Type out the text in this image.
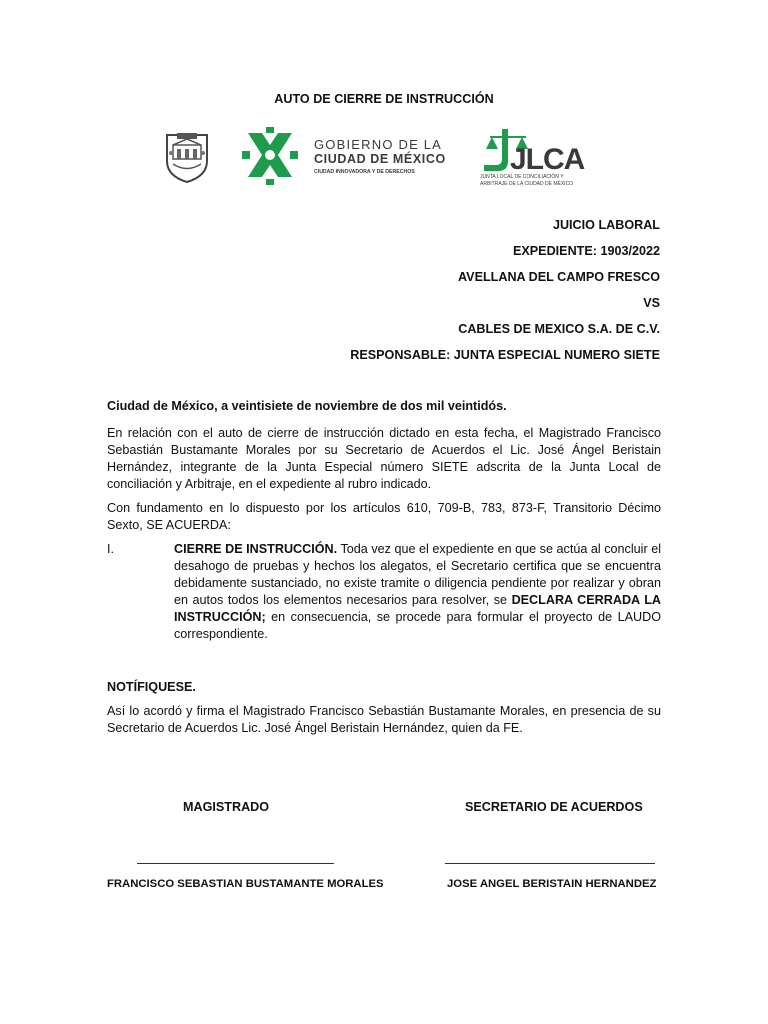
AUTO DE CIERRE DE INSTRUCCIÓN
GOBIERNO DE LA
CIUDAD DE MÉXICO
CIUDAD INNOVADORA Y DE DERECHOS	JLCA
JUNTA LOCAL DE CONCILIACIÓN Y
ARBITRAJE DE LA CIUDAD DE MÉXICO
JUICIO LABORAL
EXPEDIENTE: 1903/2022
AVELLANA DEL CAMPO FRESCO
VS
CABLES DE MEXICO S.A. DE C.V.
RESPONSABLE: JUNTA ESPECIAL NUMERO SIETE
Ciudad de México, a veintisiete de noviembre de dos mil veintidós.

En relación con el auto de cierre de instrucción dictado en esta fecha, el Magistrado Francisco Sebastián Bustamante Morales por su Secretario de Acuerdos el Lic. José Ángel Beristain Hernández, integrante de la Junta Especial número SIETE adscrita de la Junta Local de conciliación y Arbitraje, en el expediente al rubro indicado.

Con fundamento en lo dispuesto por los artículos 610, 709-B, 783, 873-F, Transitorio Décimo Sexto, SE ACUERDA:

I.	CIERRE DE INSTRUCCIÓN. Toda vez que el expediente en que se actúa al concluir el desahogo de pruebas y hechos los alegatos, el Secretario certifica que se encuentra debidamente sustanciado, no existe tramite o diligencia pendiente por realizar y obran en autos todos los elementos necesarios para resolver, se DECLARA CERRADA LA INSTRUCCIÓN; en consecuencia, se procede para formular el proyecto de LAUDO correspondiente.
NOTÍFIQUESE.

Así lo acordó y firma el Magistrado Francisco Sebastián Bustamante Morales, en presencia de su Secretario de Acuerdos Lic. José Ángel Beristain Hernández, quien da FE.

MAGISTRADO	SECRETARIO DE ACUERDOS
FRANCISCO SEBASTIAN BUSTAMANTE MORALES	JOSE ANGEL BERISTAIN HERNANDEZ
